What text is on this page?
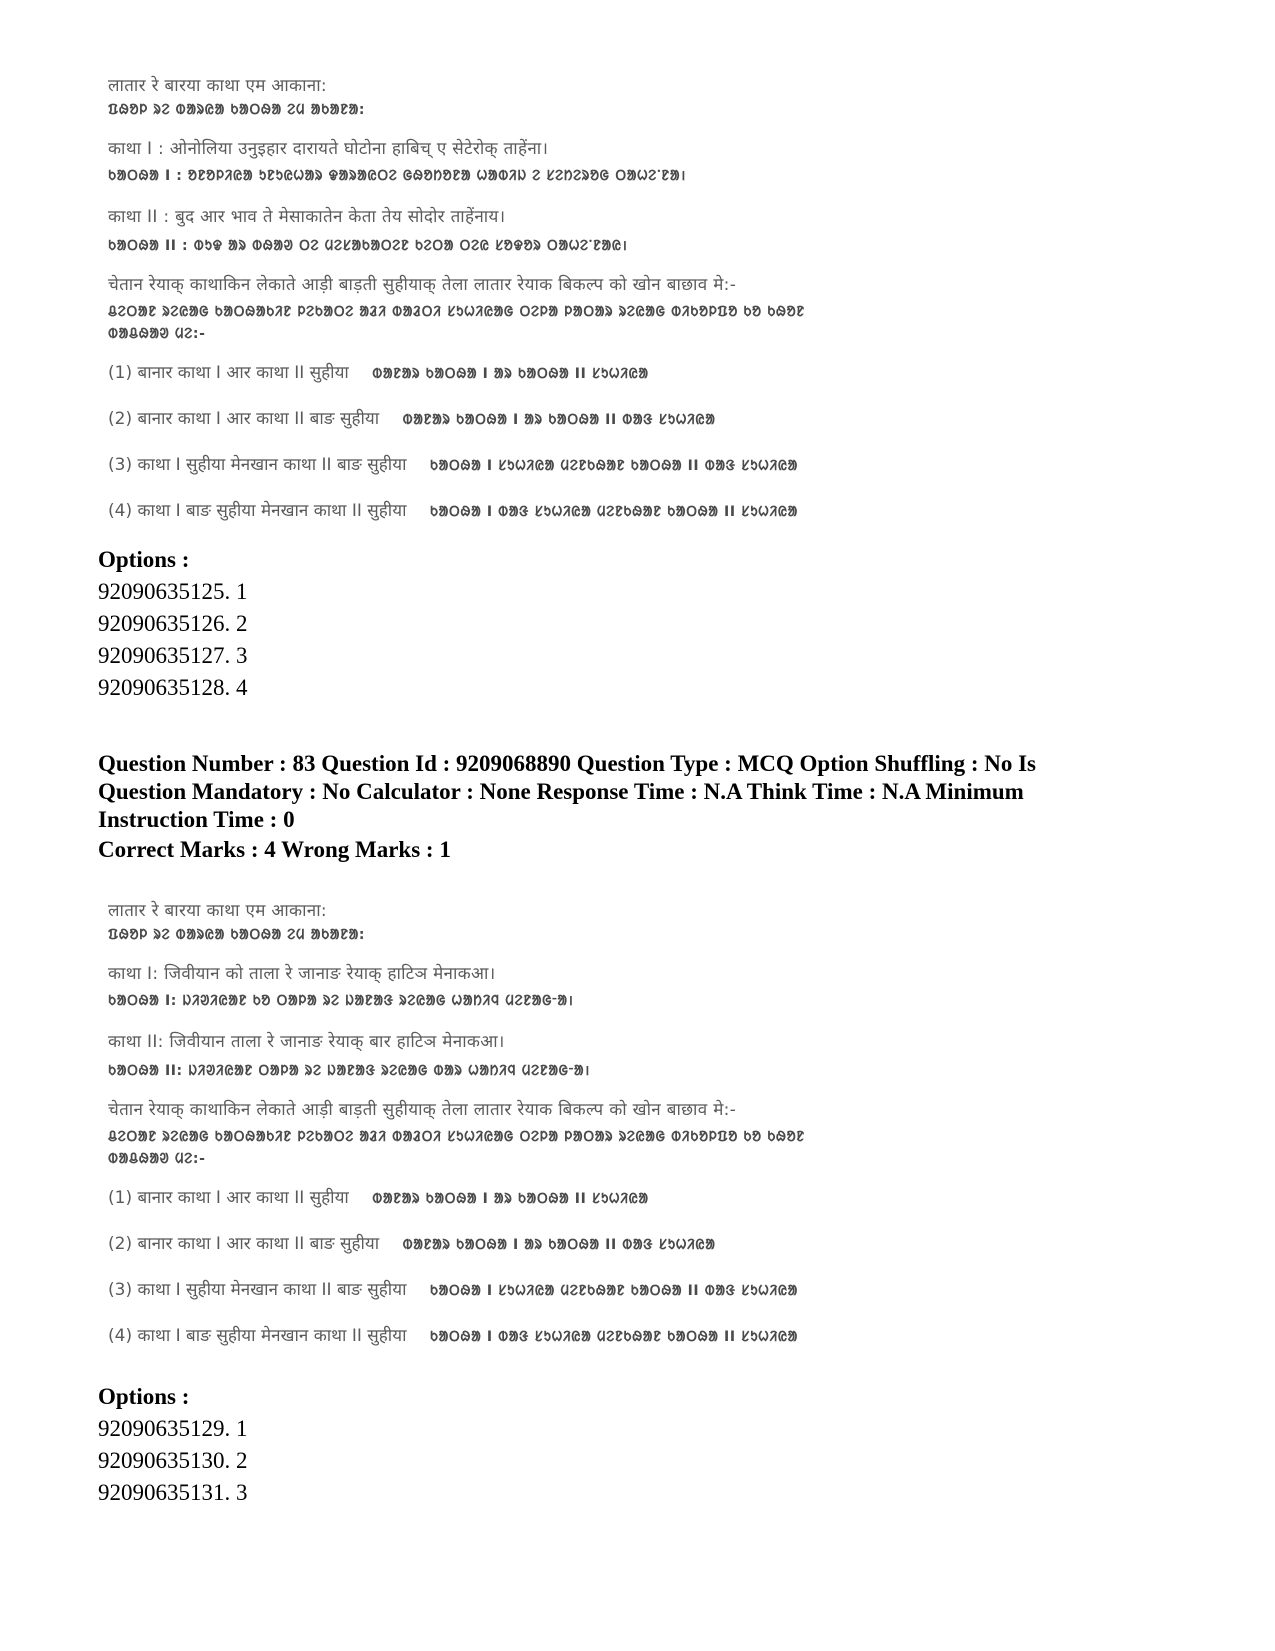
लातार रे बारया काथा एम आकाना:
ᱯᱷᱚᱞ ᱨᱮ ᱵᱟᱨᱭᱟ ᱠᱟᱛᱷᱟ ᱮᱢ ᱟᱠᱟᱱᱟ:
काथा I : ओनोलिया उनुइहार दारायते घोटोना हाबिच् ए सेटेरोक् ताहेंना।
ᱠᱟᱛᱷᱟ I : ᱚᱱᱚᱞᱤᱭᱟ ᱩᱱᱩᱭᱦᱟᱨ ᱫᱟᱨᱟᱭᱛᱮ ᱜᱷᱚᱴᱚᱱᱟ ᱦᱟᱵᱤᱡ ᱮ ᱥᱮᱴᱮᱨᱚᱜ ᱛᱟᱦᱮᱸᱱᱟ।
काथा II : बुद आर भाव ते मेसाकातेन केता तेय सोदोर ताहेंनाय।
ᱠᱟᱛᱷᱟ II : ᱵᱩᱫ ᱟᱨ ᱵᱷᱟᱣ ᱛᱮ ᱢᱮᱥᱟᱠᱟᱛᱮᱱ ᱠᱮᱛᱟ ᱛᱮᱭ ᱥᱚᱫᱚᱨ ᱛᱟᱦᱮᱸᱱᱟᱭ।
चेतान रेयाक् काथाकिन लेकाते आड़ी बाड़ती सुहीयाक् तेला लातार रेयाक बिकल्प को खोन बाछाव मे:-
ᱪᱮᱛᱟᱱ ᱨᱮᱭᱟᱜ ᱠᱟᱛᱷᱟᱠᱤᱱ ᱞᱮᱠᱟᱛᱮ ᱟᱲᱤ ᱵᱟᱲᱛᱤ ᱥᱩᱦᱤᱭᱟᱜ ᱛᱮᱞᱟ ᱞᱟᱛᱟᱨ ᱨᱮᱭᱟᱜ ᱵᱤᱠᱚᱞᱯᱚ ᱠᱚ ᱠᱷᱚᱱ
ᱵᱟᱪᱷᱟᱣ ᱢᱮ:-
(1) बानार काथा I आर काथा II सुहीया ᱵᱟᱱᱟᱨ ᱠᱟᱛᱷᱟ I ᱟᱨ ᱠᱟᱛᱷᱟ II ᱥᱩᱦᱤᱭᱟ
(2) बानार काथा I आर काथा II बाङ सुहीया ᱵᱟᱱᱟᱨ ᱠᱟᱛᱷᱟ I ᱟᱨ ᱠᱟᱛᱷᱟ II ᱵᱟᱝ ᱥᱩᱦᱤᱭᱟ
(3) काथा I सुहीया मेनखान काथा II बाङ सुहीया ᱠᱟᱛᱷᱟ I ᱥᱩᱦᱤᱭᱟ ᱢᱮᱱᱠᱷᱟᱱ ᱠᱟᱛᱷᱟ II ᱵᱟᱝ ᱥᱩᱦᱤᱭᱟ
(4) काथा I बाङ सुहीया मेनखान काथा II सुहीया ᱠᱟᱛᱷᱟ I ᱵᱟᱝ ᱥᱩᱦᱤᱭᱟ ᱢᱮᱱᱠᱷᱟᱱ ᱠᱟᱛᱷᱟ II ᱥᱩᱦᱤᱭᱟ
Options :
92090635125. 1
92090635126. 2
92090635127. 3
92090635128. 4
Question Number : 83 Question Id : 9209068890 Question Type : MCQ Option Shuffling : No Is
Question Mandatory : No Calculator : None Response Time : N.A Think Time : N.A Minimum
Instruction Time : 0
Correct Marks : 4 Wrong Marks : 1
लातार रे बारया काथा एम आकाना:
ᱯᱷᱚᱞ ᱨᱮ ᱵᱟᱨᱭᱟ ᱠᱟᱛᱷᱟ ᱮᱢ ᱟᱠᱟᱱᱟ:
काथा I: जिवीयान को ताला रे जानाङ रेयाक् हाटिञ मेनाकआ।
ᱠᱟᱛᱷᱟ I: ᱡᱤᱣᱤᱭᱟᱱ ᱠᱚ ᱛᱟᱞᱟ ᱨᱮ ᱡᱟᱱᱟᱝ ᱨᱮᱭᱟᱜ ᱦᱟᱴᱤᱧ ᱢᱮᱱᱟᱜᱼᱟ।
काथा II: जिवीयान ताला रे जानाङ रेयाक् बार हाटिञ मेनाकआ।
ᱠᱟᱛᱷᱟ II: ᱡᱤᱣᱤᱭᱟᱱ ᱛᱟᱞᱟ ᱨᱮ ᱡᱟᱱᱟᱝ ᱨᱮᱭᱟᱜ ᱵᱟᱨ ᱦᱟᱴᱤᱧ ᱢᱮᱱᱟᱜᱼᱟ।
चेतान रेयाक् काथाकिन लेकाते आड़ी बाड़ती सुहीयाक् तेला लातार रेयाक बिकल्प को खोन बाछाव मे:-
ᱪᱮᱛᱟᱱ ᱨᱮᱭᱟᱜ ᱠᱟᱛᱷᱟᱠᱤᱱ ᱞᱮᱠᱟᱛᱮ ᱟᱲᱤ ᱵᱟᱲᱛᱤ ᱥᱩᱦᱤᱭᱟᱜ ᱛᱮᱞᱟ ᱞᱟᱛᱟᱨ ᱨᱮᱭᱟᱜ ᱵᱤᱠᱚᱞᱯᱚ ᱠᱚ ᱠᱷᱚᱱ
ᱵᱟᱪᱷᱟᱣ ᱢᱮ:-
(1) बानार काथा I आर काथा II सुहीया ᱵᱟᱱᱟᱨ ᱠᱟᱛᱷᱟ I ᱟᱨ ᱠᱟᱛᱷᱟ II ᱥᱩᱦᱤᱭᱟ
(2) बानार काथा I आर काथा II बाङ सुहीया ᱵᱟᱱᱟᱨ ᱠᱟᱛᱷᱟ I ᱟᱨ ᱠᱟᱛᱷᱟ II ᱵᱟᱝ ᱥᱩᱦᱤᱭᱟ
(3) काथा I सुहीया मेनखान काथा II बाङ सुहीया ᱠᱟᱛᱷᱟ I ᱥᱩᱦᱤᱭᱟ ᱢᱮᱱᱠᱷᱟᱱ ᱠᱟᱛᱷᱟ II ᱵᱟᱝ ᱥᱩᱦᱤᱭᱟ
(4) काथा I बाङ सुहीया मेनखान काथा II सुहीया ᱠᱟᱛᱷᱟ I ᱵᱟᱝ ᱥᱩᱦᱤᱭᱟ ᱢᱮᱱᱠᱷᱟᱱ ᱠᱟᱛᱷᱟ II ᱥᱩᱦᱤᱭᱟ
Options :
92090635129. 1
92090635130. 2
92090635131. 3
